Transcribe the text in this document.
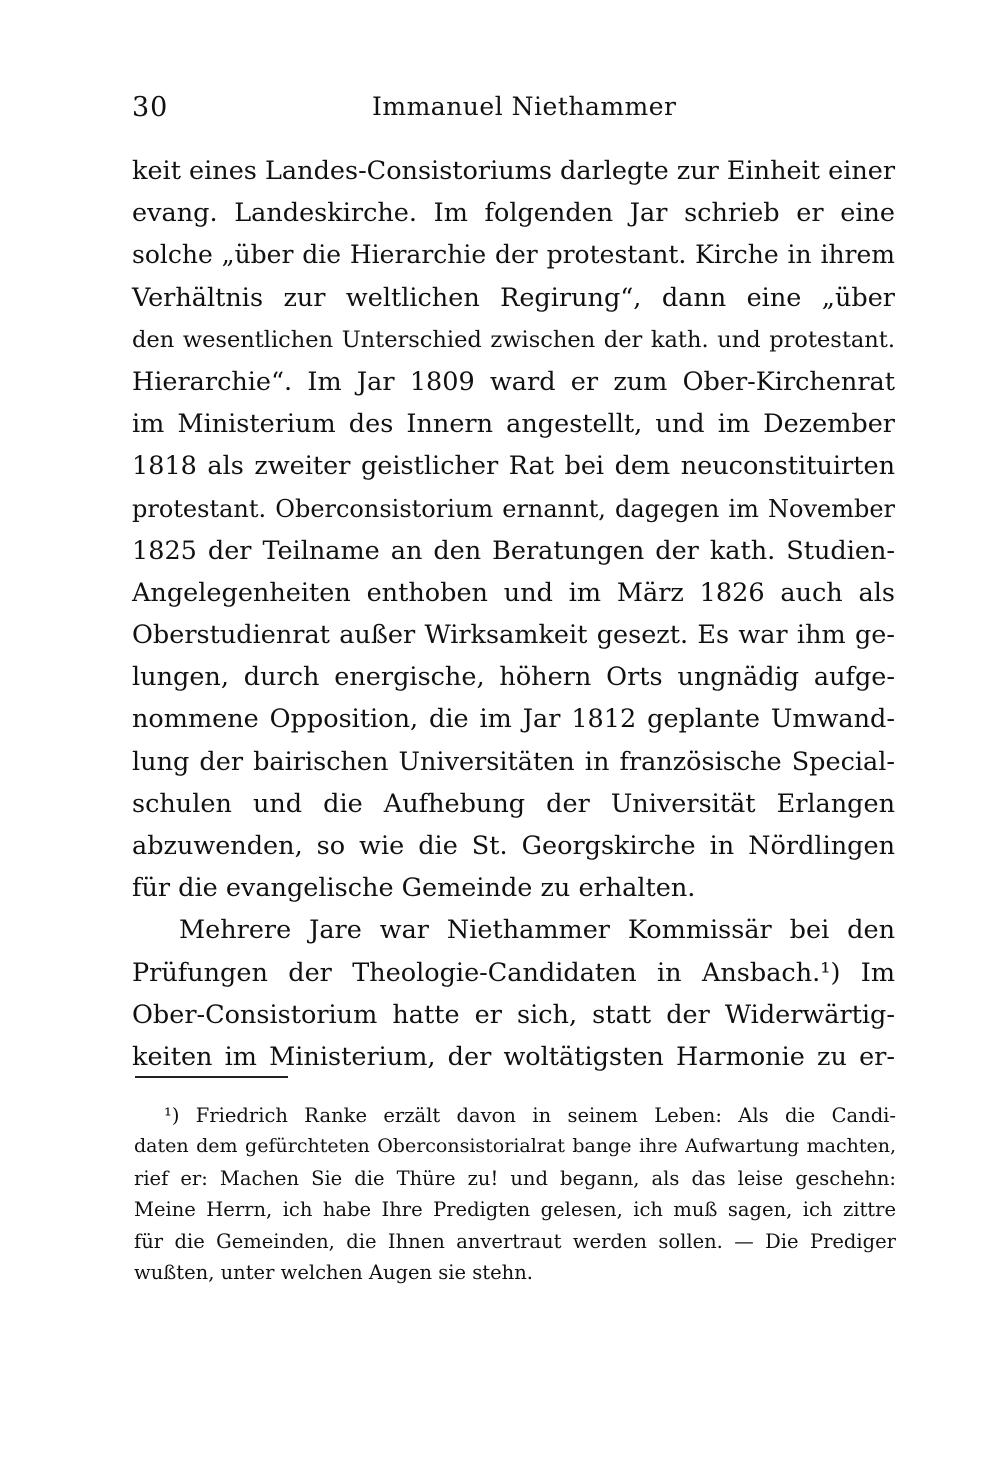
30	Immanuel Niethammer
keit eines Landes-Consistoriums darlegte zur Einheit einer
evang. Landeskirche. Im folgenden Jar schrieb er eine
solche „über die Hierarchie der protestant. Kirche in ihrem
Verhältnis zur weltlichen Regirung“, dann eine „über
den wesentlichen Unterschied zwischen der kath. und protestant.
Hierarchie“. Im Jar 1809 ward er zum Ober-Kirchenrat
im Ministerium des Innern angestellt, und im Dezember
1818 als zweiter geistlicher Rat bei dem neuconstituirten
protestant. Oberconsistorium ernannt, dagegen im November
1825 der Teilname an den Beratungen der kath. Studien-
Angelegenheiten enthoben und im März 1826 auch als
Oberstudienrat außer Wirksamkeit gesezt. Es war ihm ge-
lungen, durch energische, höhern Orts ungnädig aufge-
nommene Opposition, die im Jar 1812 geplante Umwand-
lung der bairischen Universitäten in französische Special-
schulen und die Aufhebung der Universität Erlangen
abzuwenden, so wie die St. Georgskirche in Nördlingen
für die evangelische Gemeinde zu erhalten.
Mehrere Jare war Niethammer Kommissär bei den
Prüfungen der Theologie-Candidaten in Ansbach.¹) Im
Ober-Consistorium hatte er sich, statt der Widerwärtig-
keiten im Ministerium, der woltätigsten Harmonie zu er-
¹) Friedrich Ranke erzält davon in seinem Leben: Als die Candi-
daten dem gefürchteten Oberconsistorialrat bange ihre Aufwartung machten,
rief er: Machen Sie die Thüre zu! und begann, als das leise geschehn:
Meine Herrn, ich habe Ihre Predigten gelesen, ich muß sagen, ich zittre
für die Gemeinden, die Ihnen anvertraut werden sollen. — Die Prediger
wußten, unter welchen Augen sie stehn.
